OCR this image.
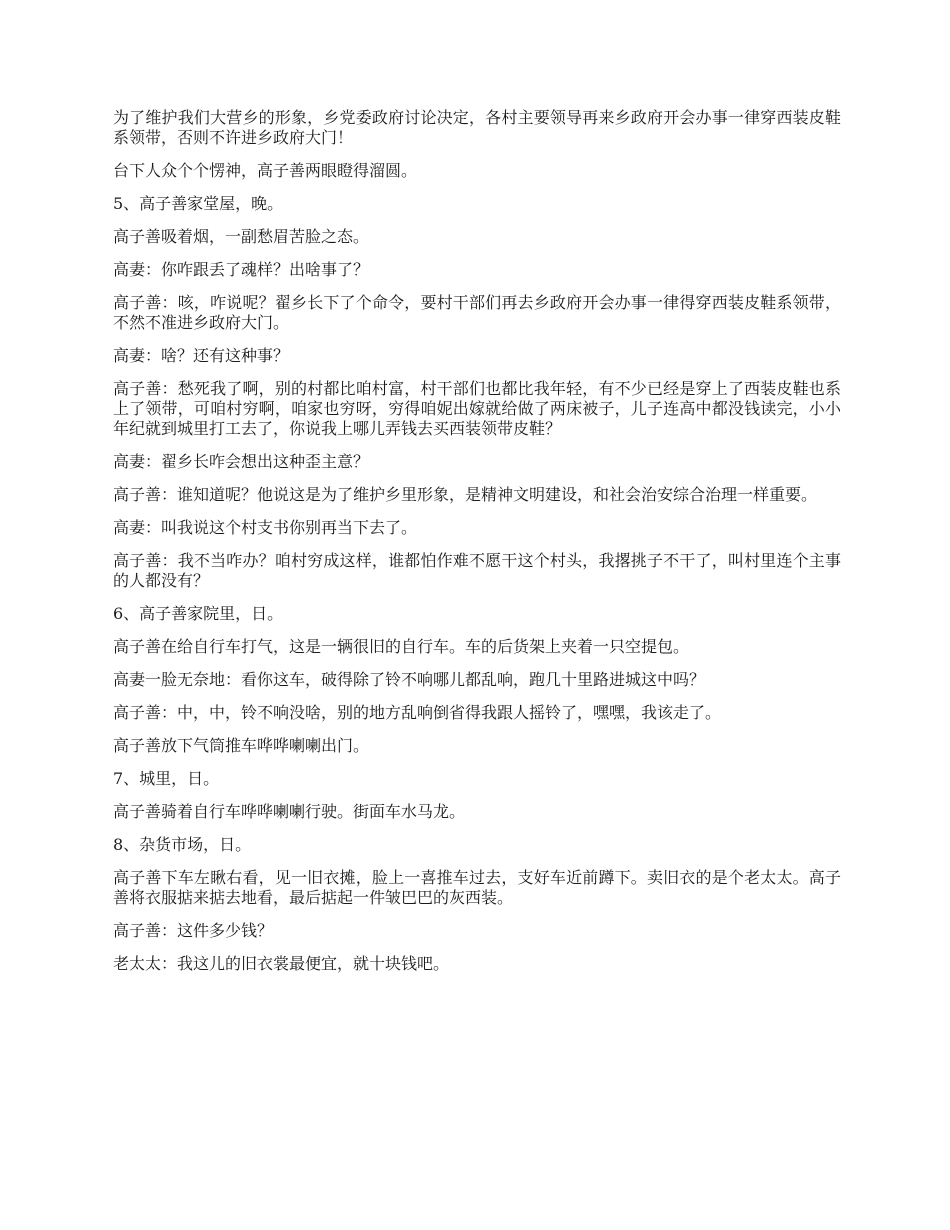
为了维护我们大营乡的形象，乡党委政府讨论决定，各村主要领导再来乡政府开会办事一律穿西装皮鞋系领带，否则不许进乡政府大门！

台下人众个个愣神，高子善两眼瞪得溜圆。

5、高子善家堂屋，晚。

高子善吸着烟，一副愁眉苦脸之态。

高妻：你咋跟丢了魂样？出啥事了？

高子善：咳，咋说呢？翟乡长下了个命令，要村干部们再去乡政府开会办事一律得穿西装皮鞋系领带，不然不准进乡政府大门。

高妻：啥？还有这种事？

高子善：愁死我了啊，别的村都比咱村富，村干部们也都比我年轻，有不少已经是穿上了西装皮鞋也系上了领带，可咱村穷啊，咱家也穷呀，穷得咱妮出嫁就给做了两床被子，儿子连高中都没钱读完，小小年纪就到城里打工去了，你说我上哪儿弄钱去买西装领带皮鞋？

高妻：翟乡长咋会想出这种歪主意？

高子善：谁知道呢？他说这是为了维护乡里形象，是精神文明建设，和社会治安综合治理一样重要。

高妻：叫我说这个村支书你别再当下去了。

高子善：我不当咋办？咱村穷成这样，谁都怕作难不愿干这个村头，我撂挑子不干了，叫村里连个主事的人都没有？

6、高子善家院里，日。

高子善在给自行车打气，这是一辆很旧的自行车。车的后货架上夹着一只空提包。

高妻一脸无奈地：看你这车，破得除了铃不响哪儿都乱响，跑几十里路进城这中吗？

高子善：中，中，铃不响没啥，别的地方乱响倒省得我跟人摇铃了，嘿嘿，我该走了。

高子善放下气筒推车哗哗喇喇出门。

7、城里，日。

高子善骑着自行车哗哗喇喇行驶。街面车水马龙。

8、杂货市场，日。

高子善下车左瞅右看，见一旧衣摊，脸上一喜推车过去，支好车近前蹲下。卖旧衣的是个老太太。高子善将衣服掂来掂去地看，最后掂起一件皱巴巴的灰西装。

高子善：这件多少钱？

老太太：我这儿的旧衣裳最便宜，就十块钱吧。
